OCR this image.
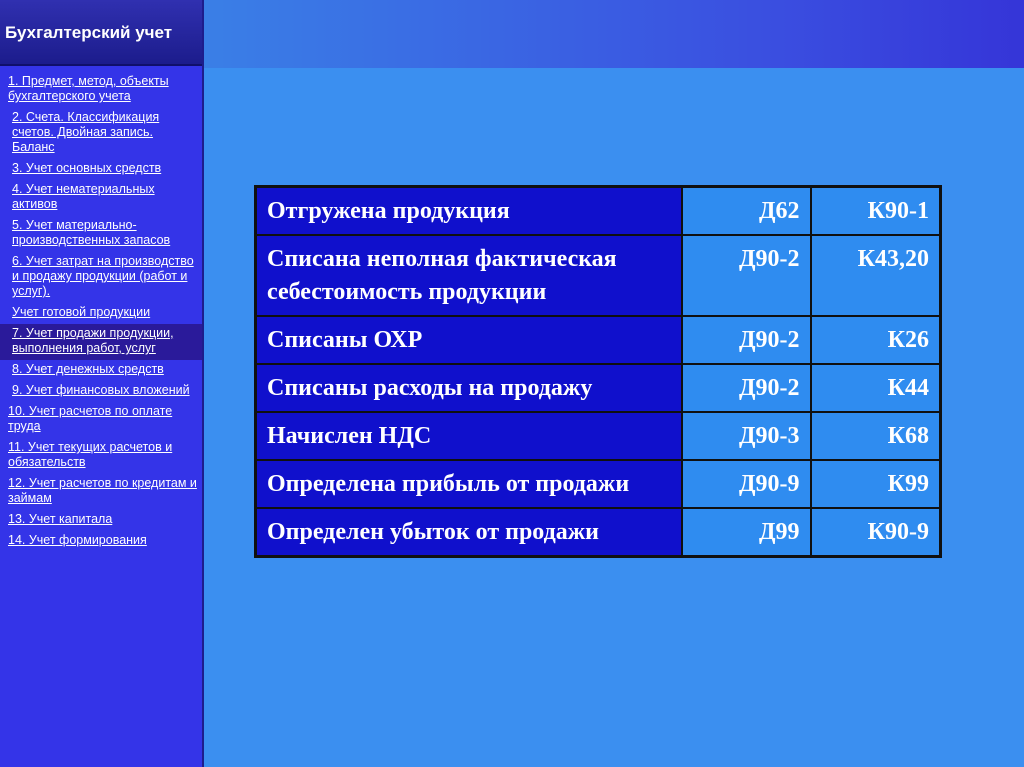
Бухгалтерский учет
1. Предмет, метод, объекты бухгалтерского учета
2. Счета. Классификация счетов. Двойная запись. Баланс
3. Учет основных средств
4. Учет нематериальных активов
5. Учет материально-производственных запасов
6. Учет затрат на производство и продажу продукции (работ и услуг).
Учет готовой продукции
7. Учет продажи продукции, выполнения работ, услуг
8. Учет денежных средств
9. Учет финансовых вложений
10. Учет расчетов по оплате труда
11. Учет текущих расчетов и обязательств
12. Учет расчетов по кредитам и займам
13. Учет капитала
14. Учет формирования
Отгружена продукция	Д62	К90-1
Списана неполная фактическая себестоимость продукции	Д90-2	К43,20
Списаны ОХР	Д90-2	К26
Списаны расходы на продажу	Д90-2	К44
Начислен НДС	Д90-3	К68
Определена прибыль от продажи	Д90-9	К99
Определен убыток от продажи	Д99	К90-9
